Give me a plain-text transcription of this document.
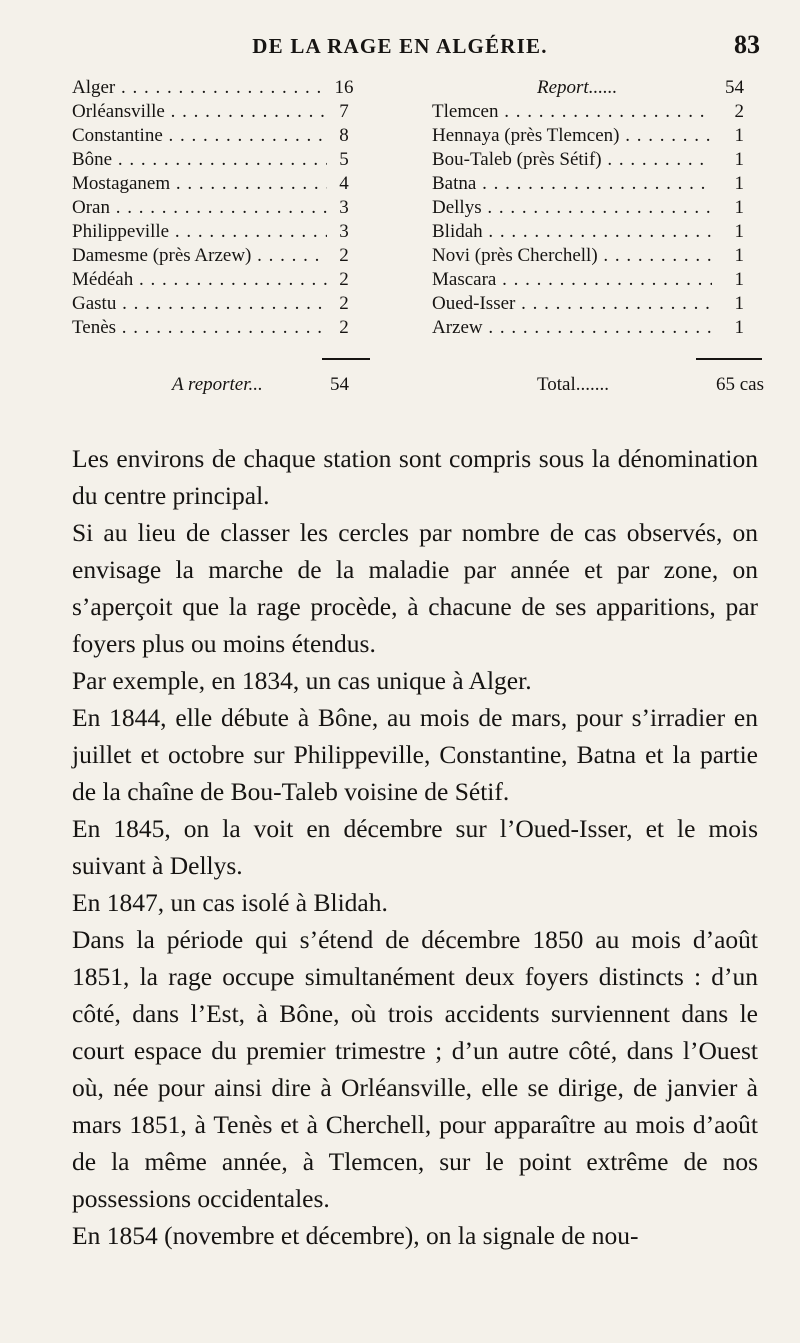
DE LA RAGE EN ALGÉRIE.	83
Alger . . .	16
Orléansville . . .	7
Constantine . . .	8
Bône . . .	5
Mostaganem . . .	4
Oran . . .	3
Philippeville . . .	3
Damesme (près Arzew) . . .	2
Médéah . . .	2
Gastu . . .	2
Tenès . . .	2
Report......	54
Tlemcen . . .	2
Hennaya (près Tlemcen) . . .	1
Bou-Taleb (près Sétif) . . .	1
Batna . . .	1
Dellys . . .	1
Blidah . . .	1
Novi (près Cherchell) . . .	1
Mascara . . .	1
Oued-Isser . . .	1
Arzew . . .	1
A reporter...	54	Total.......	65 cas

Les environs de chaque station sont compris sous la dénomination du centre principal.

Si au lieu de classer les cercles par nombre de cas observés, on envisage la marche de la maladie par année et par zone, on s’aperçoit que la rage procède, à chacune de ses apparitions, par foyers plus ou moins étendus.

Par exemple, en 1834, un cas unique à Alger.

En 1844, elle débute à Bône, au mois de mars, pour s’irradier en juillet et octobre sur Philippeville, Constantine, Batna et la partie de la chaîne de Bou-Taleb voisine de Sétif.

En 1845, on la voit en décembre sur l’Oued-Isser, et le mois suivant à Dellys.

En 1847, un cas isolé à Blidah.

Dans la période qui s’étend de décembre 1850 au mois d’août 1851, la rage occupe simultanément deux foyers distincts : d’un côté, dans l’Est, à Bône, où trois accidents surviennent dans le court espace du premier trimestre ; d’un autre côté, dans l’Ouest où, née pour ainsi dire à Orléansville, elle se dirige, de janvier à mars 1851, à Tenès et à Cherchell, pour apparaître au mois d’août de la même année, à Tlemcen, sur le point extrême de nos possessions occidentales.

En 1854 (novembre et décembre), on la signale de nou-
